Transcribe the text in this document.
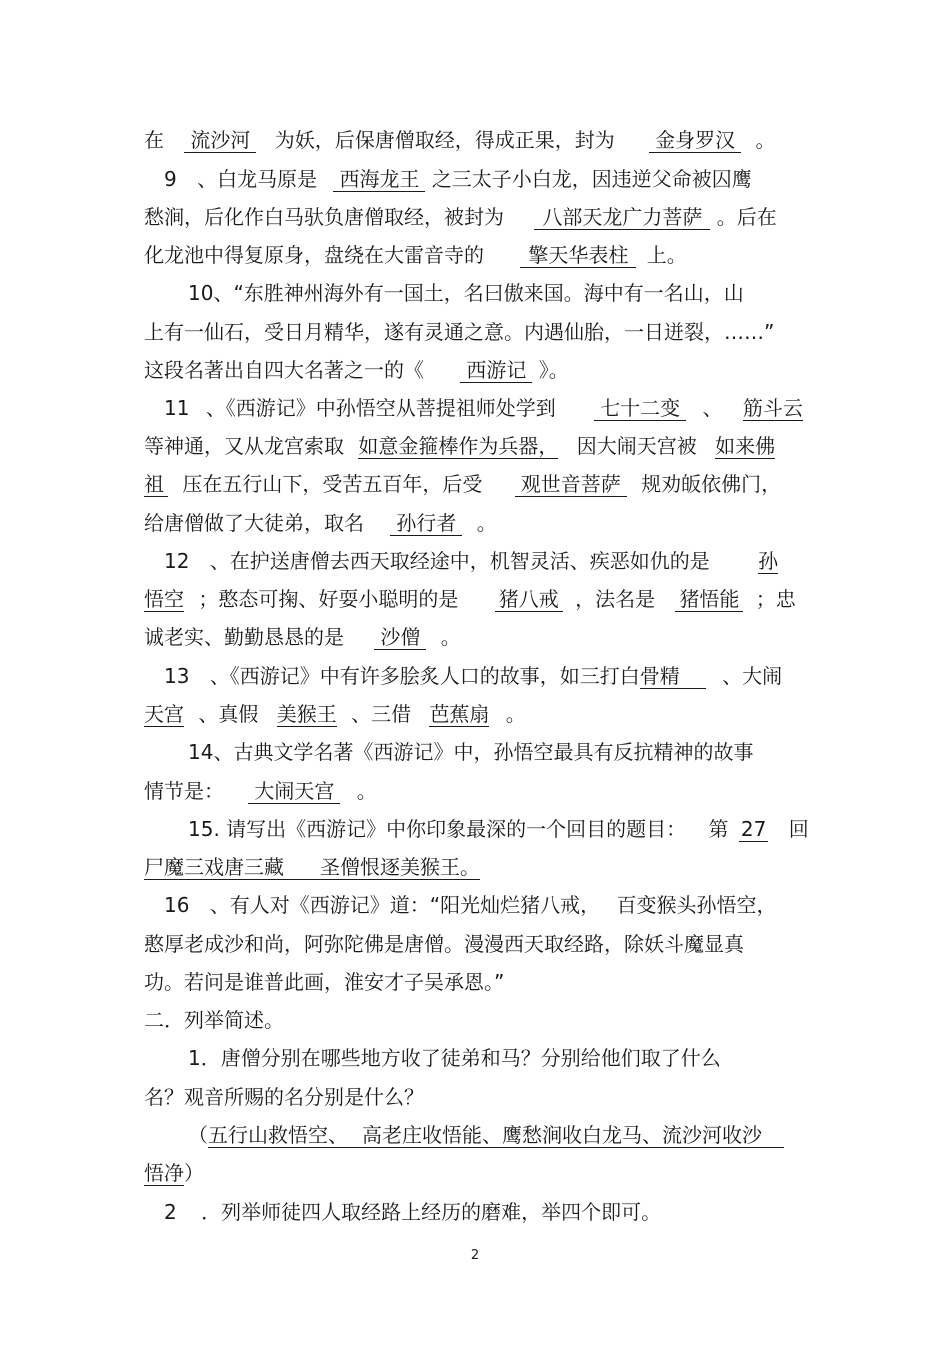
在 流沙河 为妖，后保唐僧取经，得成正果，封为 金身罗汉 。
9 、白龙马原是 西海龙王 之三太子小白龙，因违逆父命被囚鹰
愁涧，后化作白马驮负唐僧取经，被封为 八部天龙广力菩萨 。后在
化龙池中得复原身，盘绕在大雷音寺的 擎天华表柱 上。
10、“东胜神州海外有一国土，名曰傲来国。海中有一名山，山
上有一仙石，受日月精华，遂有灵通之意。内遇仙胎，一日迸裂，……”
这段名著出自四大名著之一的《 西游记 》。
11 、《西游记》中孙悟空从菩提祖师处学到 七十二变 、 筋斗云
等神通，又从龙宫索取 如意金箍棒作为兵器， 因大闹天宫被 如来佛
祖 压在五行山下，受苦五百年，后受 观世音菩萨 规劝皈依佛门，
给唐僧做了大徒弟，取名 孙行者 。
12 、在护送唐僧去西天取经途中，机智灵活、疾恶如仇的是 孙
悟空 ；憨态可掬、好耍小聪明的是 猪八戒 ，法名是 猪悟能 ；忠
诚老实、勤勤恳恳的是 沙僧 。
13 、《西游记》中有许多脍炙人口的故事，如三打白骨精 、大闹
天宫 、真假 美猴王 、三借 芭蕉扇 。
14、古典文学名著《西游记》中，孙悟空最具有反抗精神的故事
情节是： 大闹天宫 。
15. 请写出《西游记》中你印象最深的一个回目的题目： 第 27 回
尸魔三戏唐三藏 圣僧恨逐美猴王。
16 、有人对《西游记》道：“阳光灿烂猪八戒， 百变猴头孙悟空，
憨厚老成沙和尚，阿弥陀佛是唐僧。漫漫西天取经路，除妖斗魔显真
功。若问是谁普此画，淮安才子吴承恩。”
二．列举简述。
1．唐僧分别在哪些地方收了徒弟和马？分别给他们取了什么
名？观音所赐的名分别是什么？
（五行山救悟空、 高老庄收悟能、鹰愁涧收白龙马、流沙河收沙
悟净）
2 ．列举师徒四人取经路上经历的磨难，举四个即可。
2
